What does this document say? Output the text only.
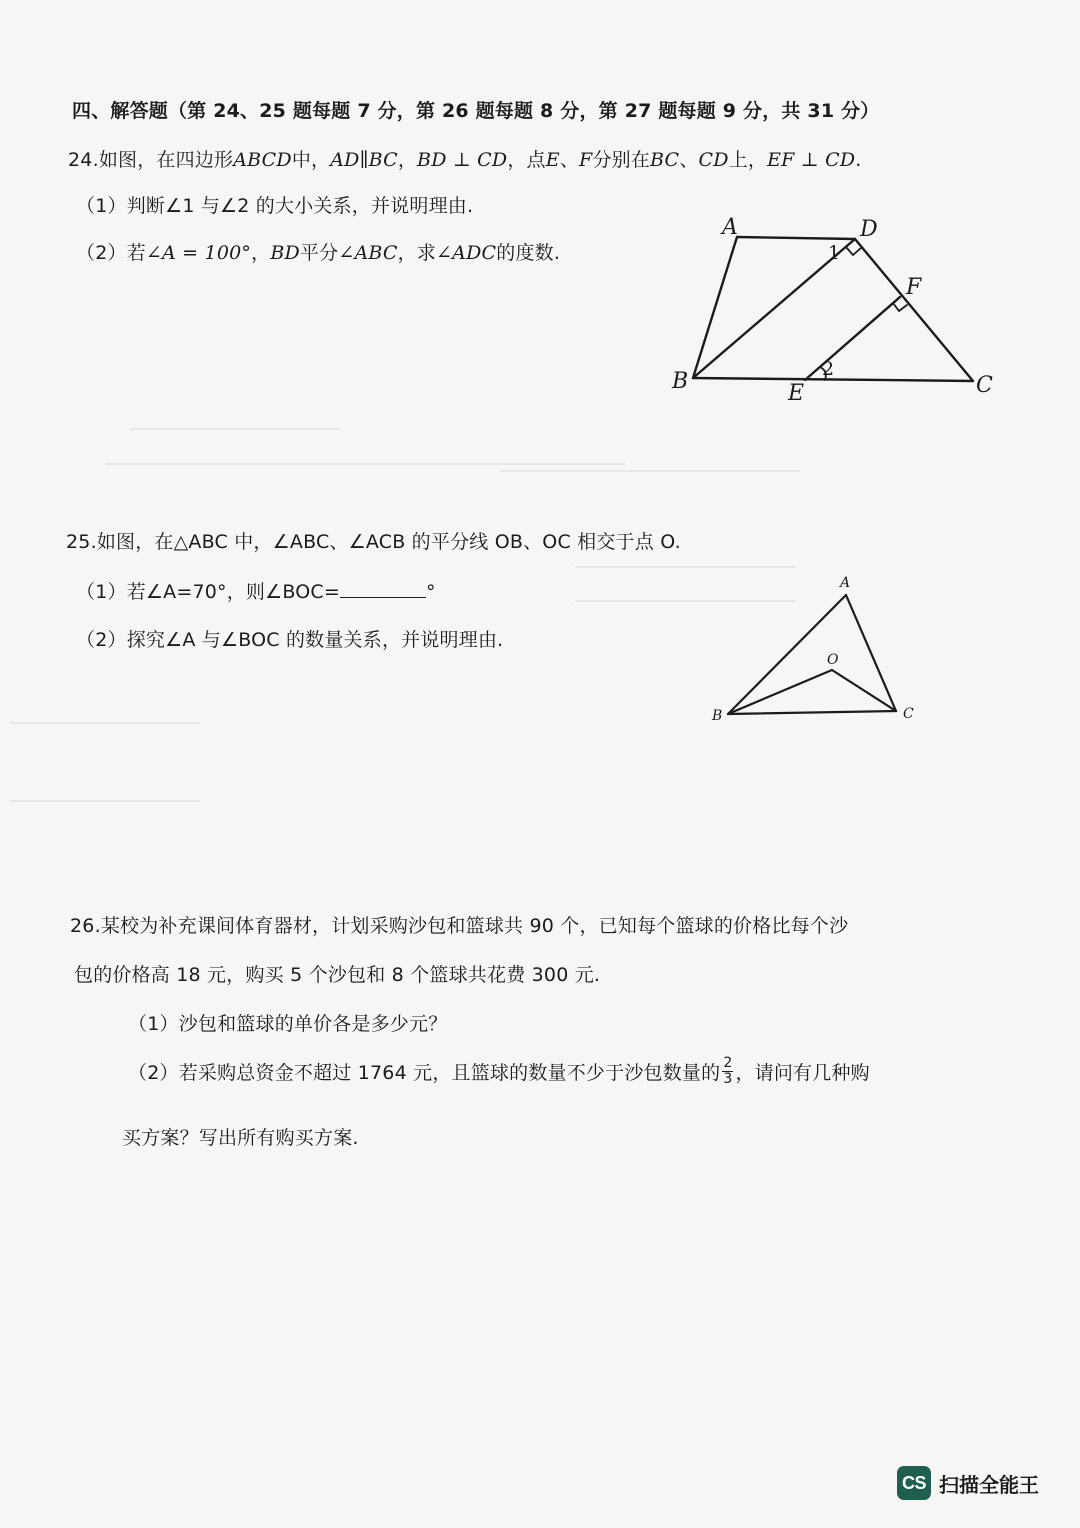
四、解答题（第 24、25 题每题 7 分，第 26 题每题 8 分，第 27 题每题 9 分，共 31 分）
24.如图，在四边形ABCD中，AD∥BC，BD ⊥ CD，点E、F分别在BC、CD上，EF ⊥ CD.
（1）判断∠1 与∠2 的大小关系，并说明理由.
（2）若∠A = 100°，BD平分∠ABC，求∠ADC的度数.
A	D
F
B	E	C
1
2
25.如图，在△ABC 中，∠ABC、∠ACB 的平分线 OB、OC 相交于点 O.
（1）若∠A=70°，则∠BOC=	°
（2）探究∠A 与∠BOC 的数量关系，并说明理由.
A
O
B	C
26.某校为补充课间体育器材，计划采购沙包和篮球共 90 个，已知每个篮球的价格比每个沙
包的价格高 18 元，购买 5 个沙包和 8 个篮球共花费 300 元.
（1）沙包和篮球的单价各是多少元？
（2）若采购总资金不超过 1764 元，且篮球的数量不少于沙包数量的 $\frac{2}{3}$ ，请问有几种购
买方案？写出所有购买方案.
CS 扫描全能王
